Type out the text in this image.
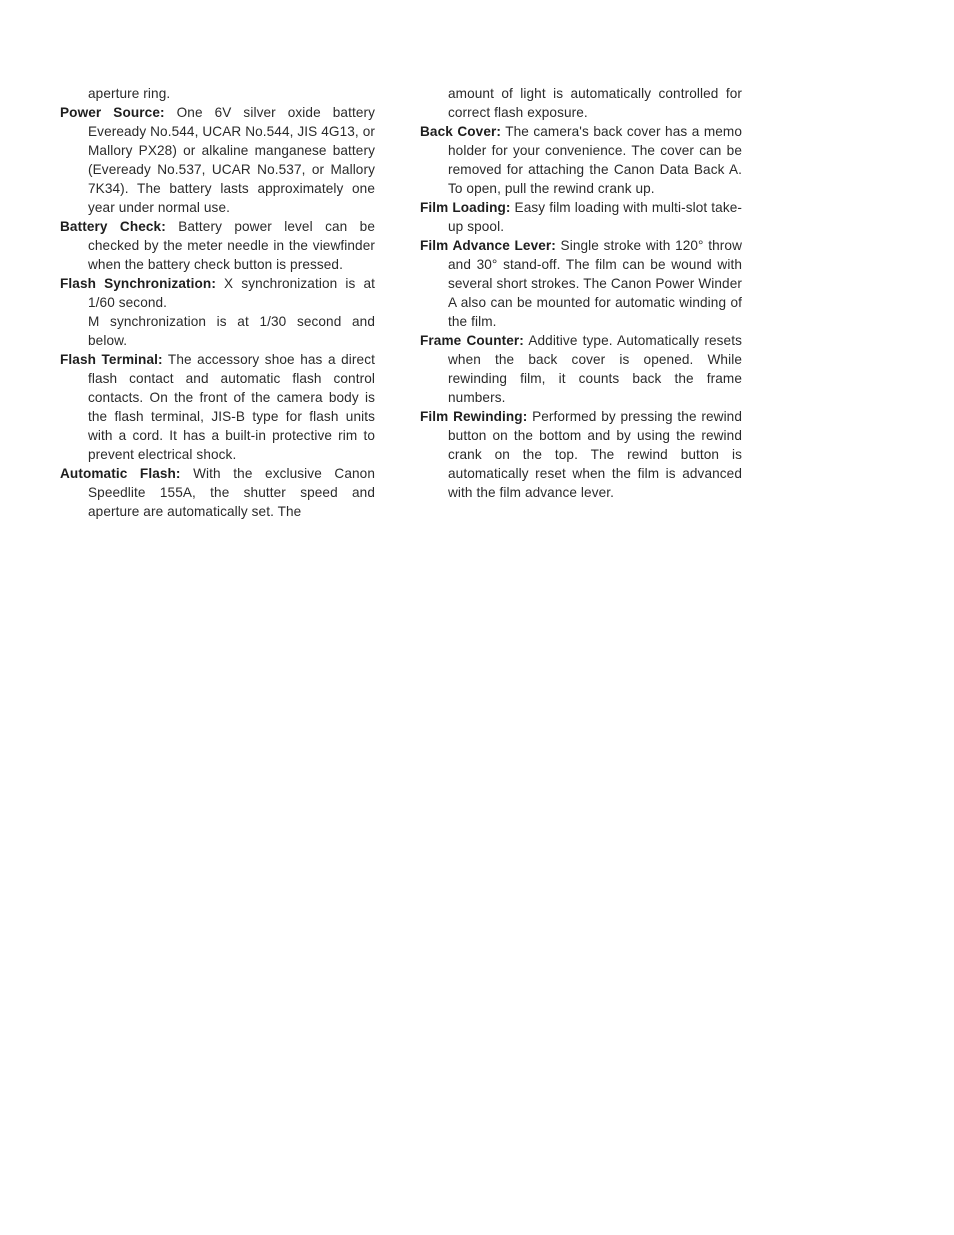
aperture ring.

Power Source: One 6V silver oxide battery Eveready No.544, UCAR No.544, JIS 4G13, or Mallory PX28) or alkaline manganese battery (Eveready No.537, UCAR No.537, or Mallory 7K34). The battery lasts approximately one year under normal use.

Battery Check: Battery power level can be checked by the meter needle in the viewfinder when the battery check button is pressed.

Flash Synchronization: X synchronization is at 1/60 second.

M synchronization is at 1/30 second and below.

Flash Terminal: The accessory shoe has a direct flash contact and automatic flash control contacts. On the front of the camera body is the flash terminal, JIS-B type for flash units with a cord. It has a built-in protective rim to prevent electrical shock.

Automatic Flash: With the exclusive Canon Speedlite 155A, the shutter speed and aperture are automatically set. The

amount of light is automatically controlled for correct flash exposure.

Back Cover: The camera's back cover has a memo holder for your convenience. The cover can be removed for attaching the Canon Data Back A. To open, pull the rewind crank up.

Film Loading: Easy film loading with multi-slot take-up spool.

Film Advance Lever: Single stroke with 120° throw and 30° stand-off. The film can be wound with several short strokes. The Canon Power Winder A also can be mounted for automatic winding of the film.

Frame Counter: Additive type. Automatically resets when the back cover is opened. While rewinding film, it counts back the frame numbers.

Film Rewinding: Performed by pressing the rewind button on the bottom and by using the rewind crank on the top. The rewind button is automatically reset when the film is advanced with the film advance lever.
